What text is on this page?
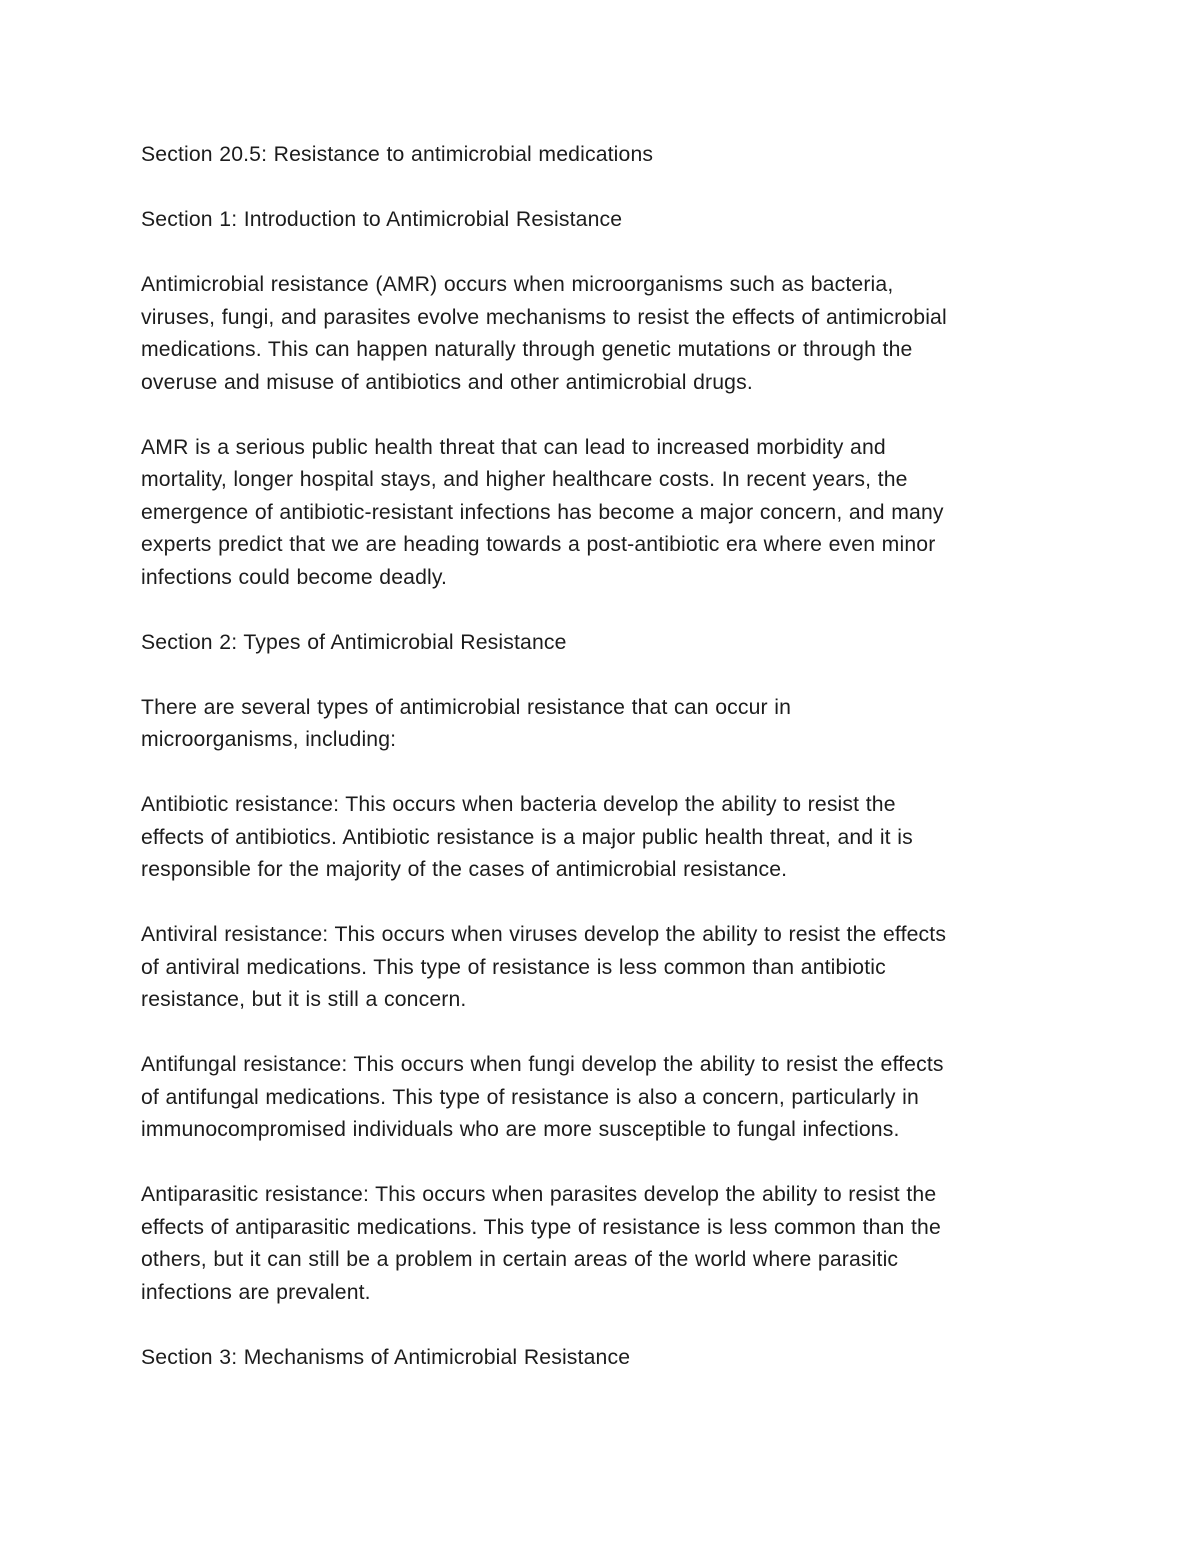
Section 20.5: Resistance to antimicrobial medications

Section 1: Introduction to Antimicrobial Resistance

Antimicrobial resistance (AMR) occurs when microorganisms such as bacteria,
viruses, fungi, and parasites evolve mechanisms to resist the effects of antimicrobial
medications. This can happen naturally through genetic mutations or through the
overuse and misuse of antibiotics and other antimicrobial drugs.

AMR is a serious public health threat that can lead to increased morbidity and
mortality, longer hospital stays, and higher healthcare costs. In recent years, the
emergence of antibiotic-resistant infections has become a major concern, and many
experts predict that we are heading towards a post-antibiotic era where even minor
infections could become deadly.

Section 2: Types of Antimicrobial Resistance

There are several types of antimicrobial resistance that can occur in
microorganisms, including:

Antibiotic resistance: This occurs when bacteria develop the ability to resist the
effects of antibiotics. Antibiotic resistance is a major public health threat, and it is
responsible for the majority of the cases of antimicrobial resistance.

Antiviral resistance: This occurs when viruses develop the ability to resist the effects
of antiviral medications. This type of resistance is less common than antibiotic
resistance, but it is still a concern.

Antifungal resistance: This occurs when fungi develop the ability to resist the effects
of antifungal medications. This type of resistance is also a concern, particularly in
immunocompromised individuals who are more susceptible to fungal infections.

Antiparasitic resistance: This occurs when parasites develop the ability to resist the
effects of antiparasitic medications. This type of resistance is less common than the
others, but it can still be a problem in certain areas of the world where parasitic
infections are prevalent.

Section 3: Mechanisms of Antimicrobial Resistance
